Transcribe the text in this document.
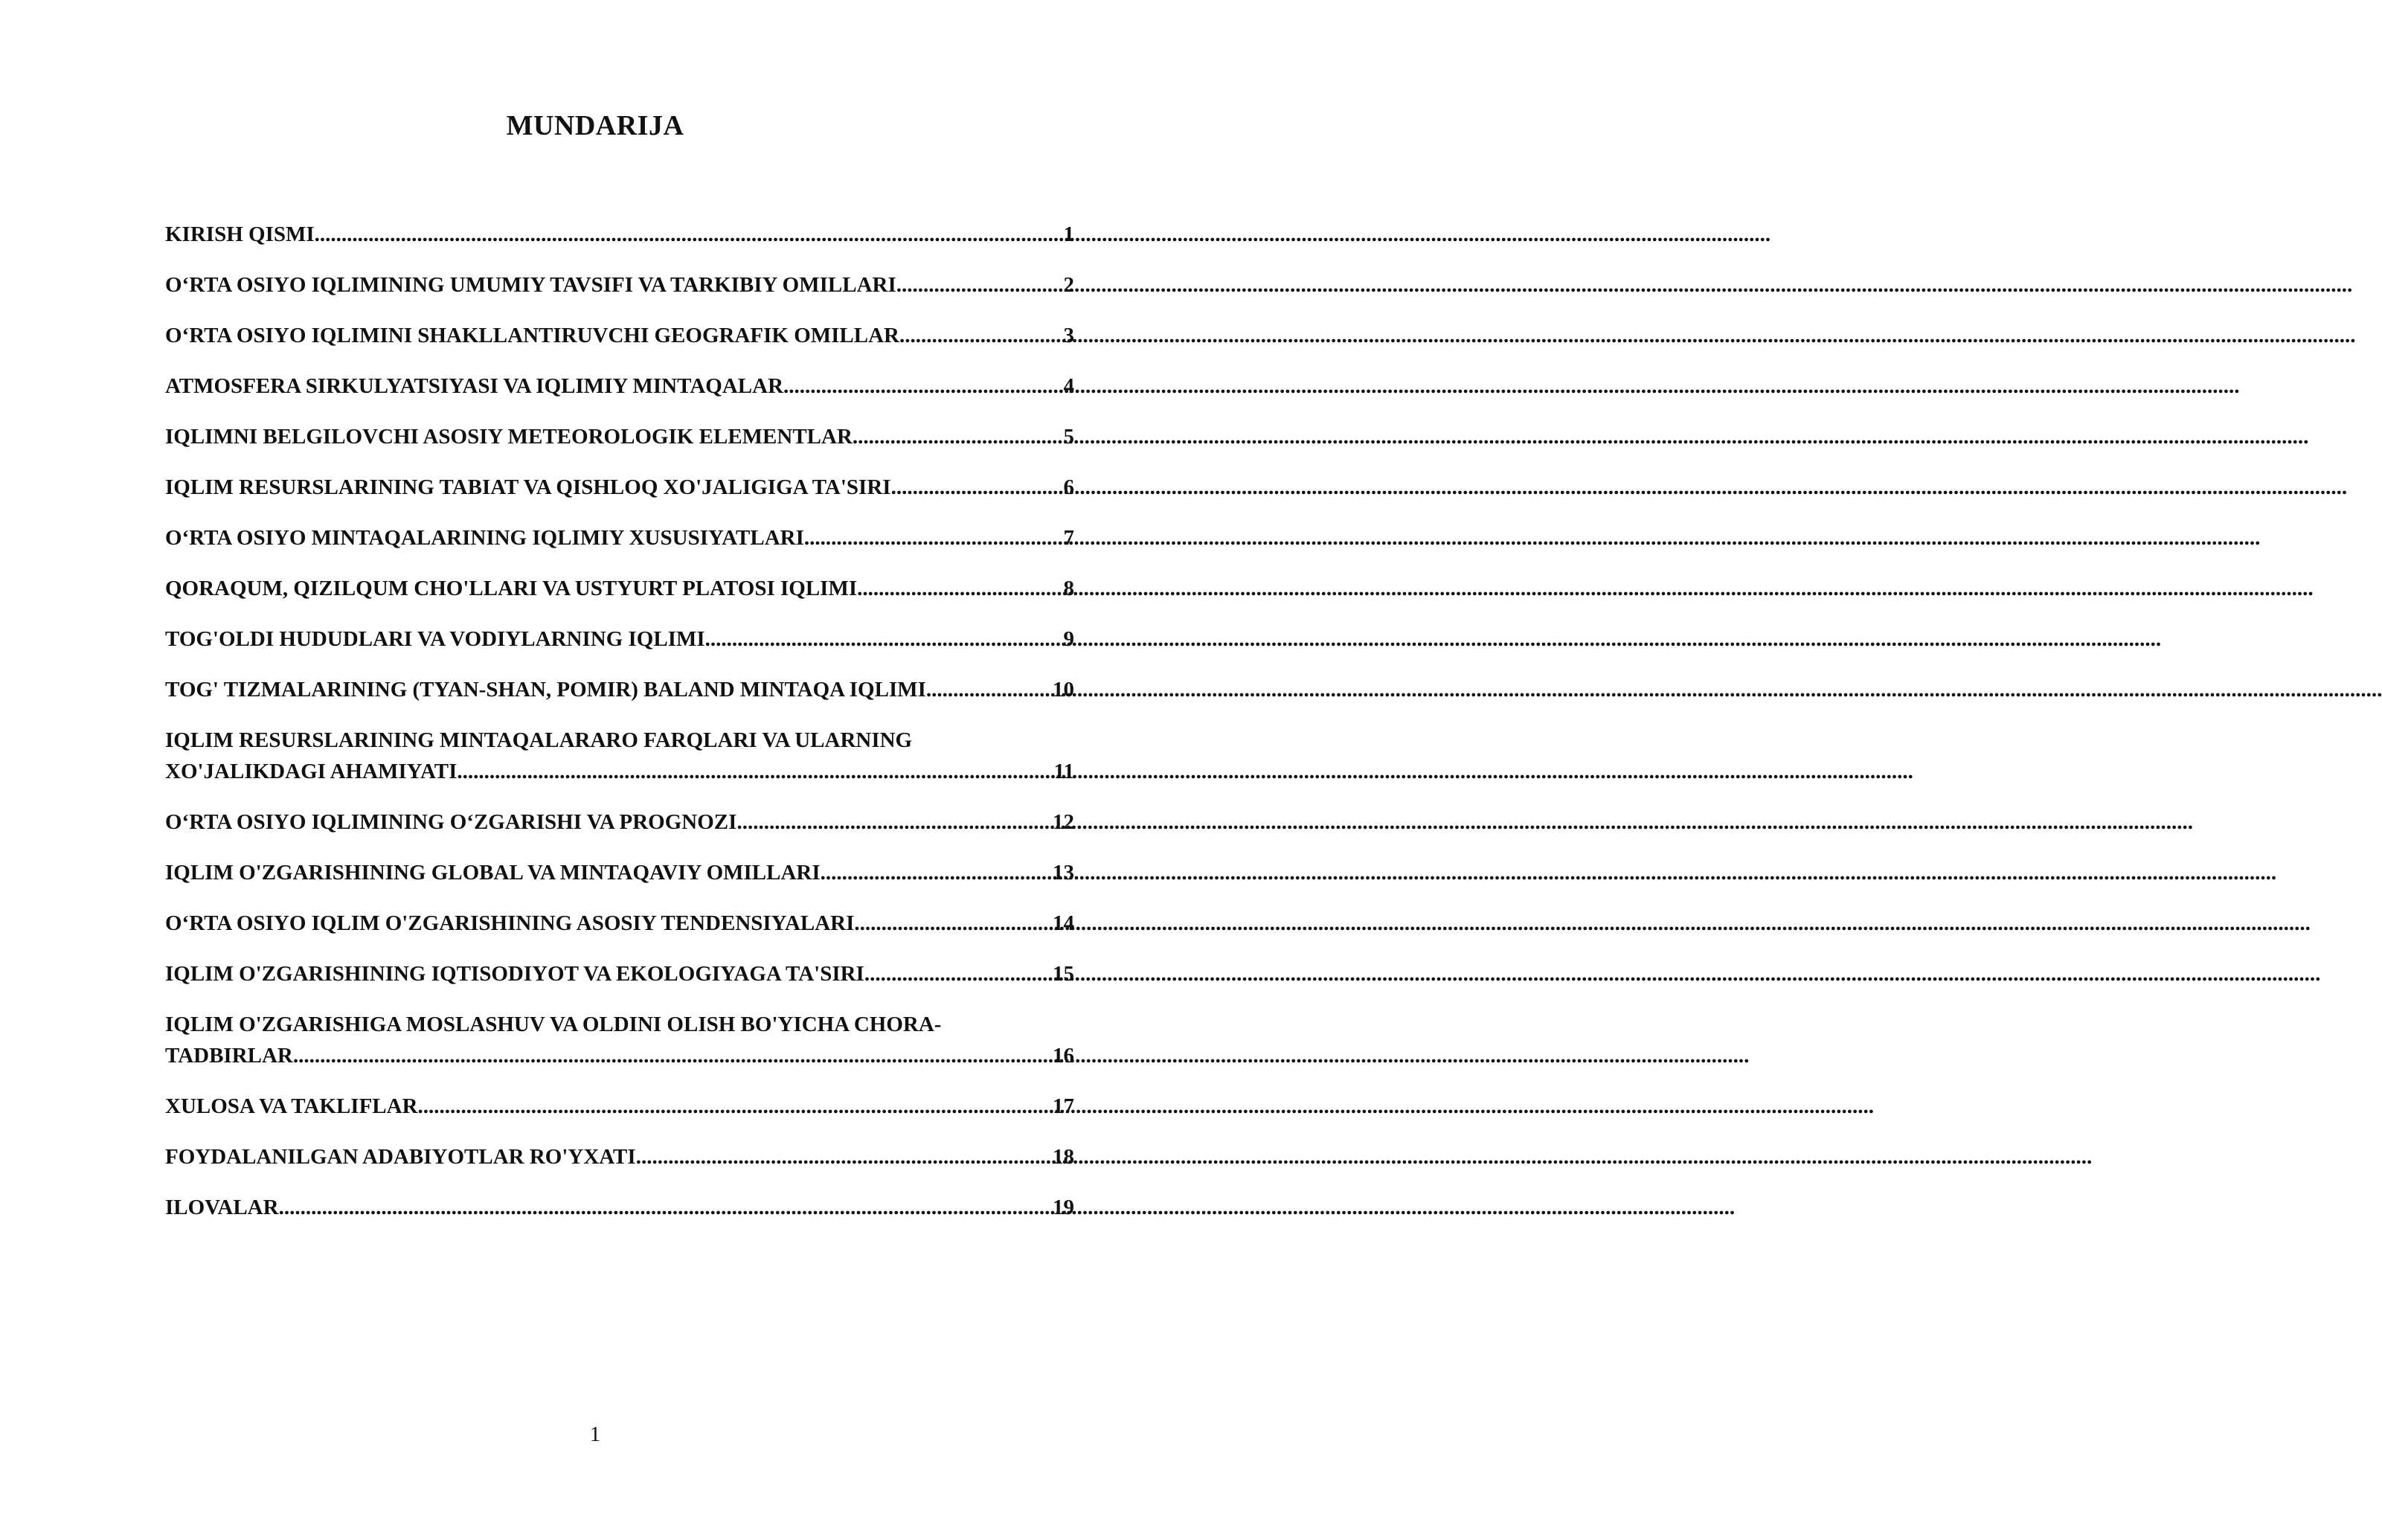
MUNDARIJA
KIRISH QISMI .....	1
O‘RTA OSIYO IQLIMINING UMUMIY TAVSIFI VA TARKIBIY OMILLARI .....	2
O‘RTA OSIYO IQLIMINI SHAKLLANTIRUVCHI GEOGRAFIK OMILLAR .....	3
ATMOSFERA SIRKULYATSIYASI VA IQLIMIY MINTAQALAR .....	4
IQLIMNI BELGILOVCHI ASOSIY METEOROLOGIK ELEMENTLAR .....	5
IQLIM RESURSLARINING TABIAT VA QISHLOQ XO'JALIGIGA TA'SIRI .....	6
O‘RTA OSIYO MINTAQALARINING IQLIMIY XUSUSIYATLARI .....	7
QORAQUM, QIZILQUM CHO'LLARI VA USTYURT PLATOSI IQLIMI .....	8
TOG'OLDI HUDUDLARI VA VODIYLARNING IQLIMI .....	9
TOG' TIZMALARINING (TYAN-SHAN, POMIR) BALAND MINTAQA IQLIMI .....	10
IQLIM RESURSLARINING MINTAQALARARO FARQLARI VA ULARNING
XO'JALIKDAGI AHAMIYATI .....	11
O‘RTA OSIYO IQLIMINING O‘ZGARISHI VA PROGNOZI .....	12
IQLIM O'ZGARISHINING GLOBAL VA MINTAQAVIY OMILLARI .....	13
O‘RTA OSIYO IQLIM O'ZGARISHINING ASOSIY TENDENSIYALARI .....	14
IQLIM O'ZGARISHINING IQTISODIYOT VA EKOLOGIYAGA TA'SIRI .....	15
IQLIM O'ZGARISHIGA MOSLASHUV VA OLDINI OLISH BO'YICHA CHORA-
TADBIRLAR .....	16
XULOSA VA TAKLIFLAR .....	17
FOYDALANILGAN ADABIYOTLAR RO'YXATI .....	18
ILOVALAR .....	19
1
